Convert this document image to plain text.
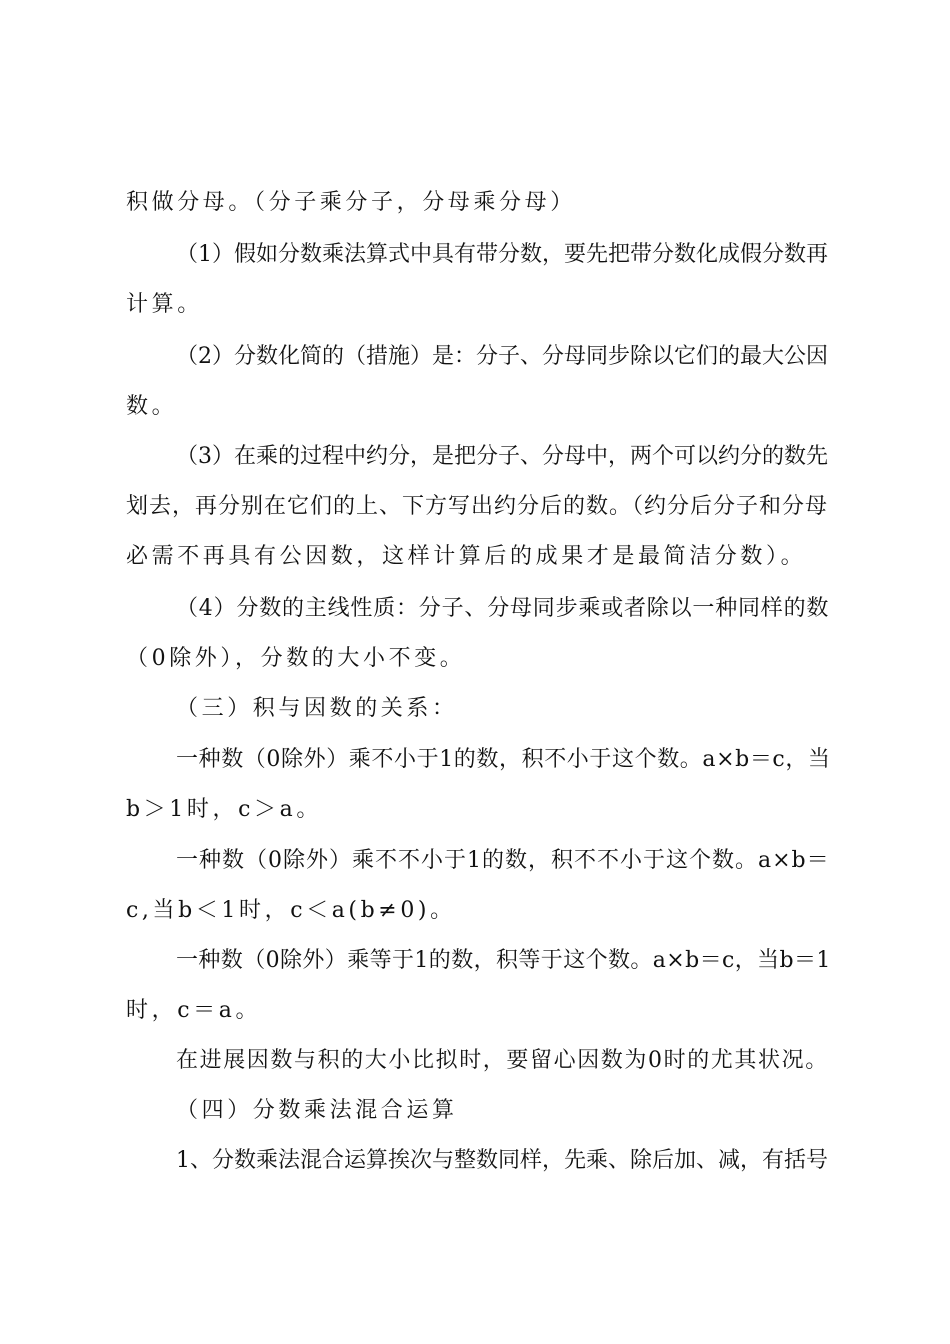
积做分母。（分子乘分子，分母乘分母）

（1）假如分数乘法算式中具有带分数，要先把带分数化成假分数再

计算。

（2）分数化简的（措施）是：分子、分母同步除以它们的最大公因

数。

（3）在乘的过程中约分，是把分子、分母中，两个可以约分的数先

划去，再分别在它们的上、下方写出约分后的数。（约分后分子和分母

必需不再具有公因数，这样计算后的成果才是最简洁分数）。

（4）分数的主线性质：分子、分母同步乘或者除以一种同样的数

（0除外），分数的大小不变。

（三）积与因数的关系：

一种数（0除外）乘不小于1的数，积不小于这个数。a×b＝c，当

b＞1时，c＞a。

一种数（0除外）乘不不小于1的数，积不不小于这个数。a×b＝

c,当b＜1时，c＜a(b≠0)。

一种数（0除外）乘等于1的数，积等于这个数。a×b＝c，当b＝1

时，c＝a。

在进展因数与积的大小比拟时，要留心因数为0时的尤其状况。

（四）分数乘法混合运算

1、分数乘法混合运算挨次与整数同样，先乘、除后加、减，有括号
